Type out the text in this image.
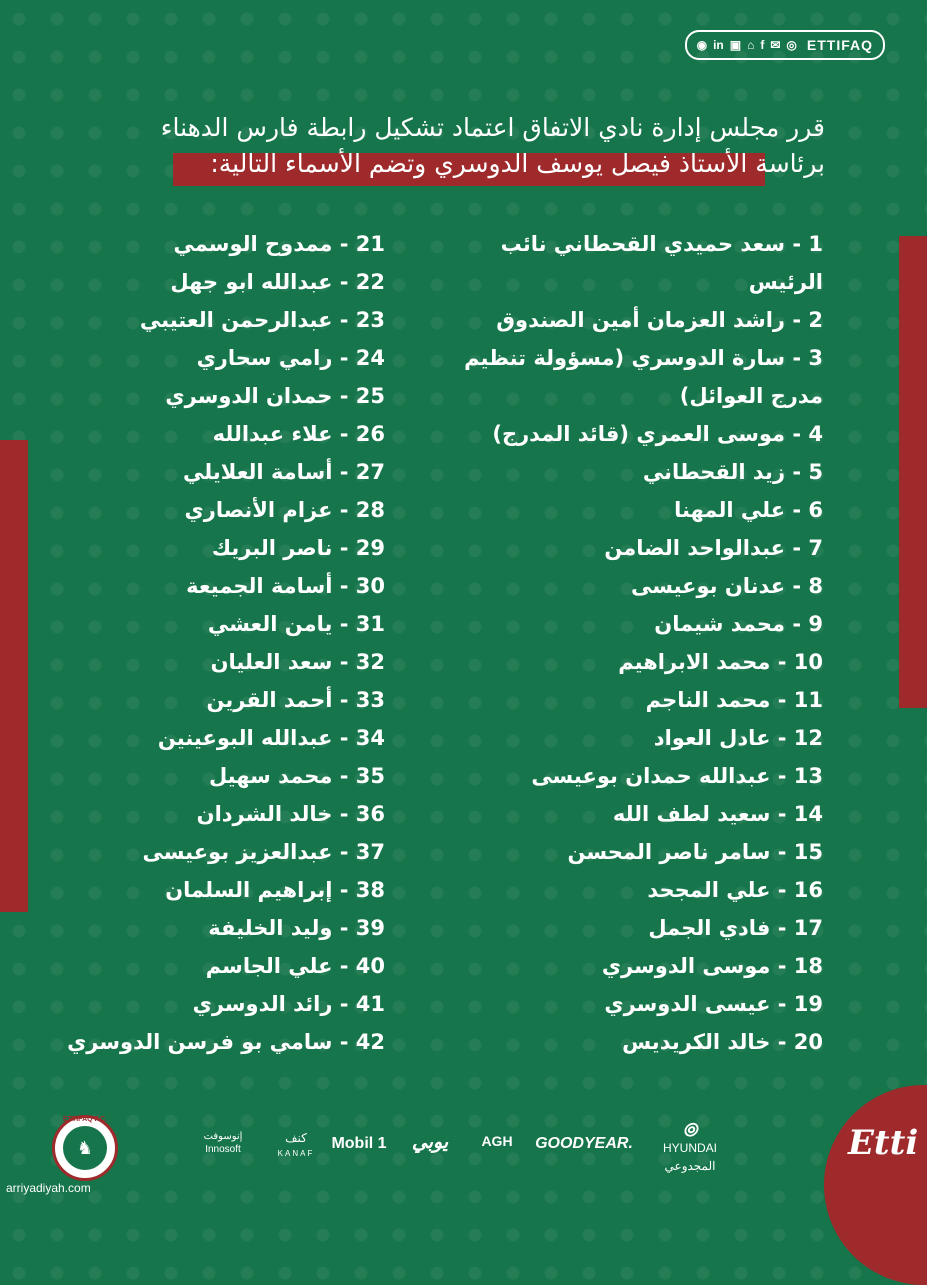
◉ in ▣ ⌂ f ✉ ◎ ETTIFAQ
قرر مجلس إدارة نادي الاتفاق اعتماد تشكيل رابطة فارس الدهناء
برئاسة الأستاذ فيصل يوسف الدوسري وتضم الأسماء التالية:
1 - سعد حميدي القحطاني نائب
الرئيس
2 - راشد العزمان أمين الصندوق
3 - سارة الدوسري (مسؤولة تنظيم
مدرج العوائل)
4 - موسى العمري (قائد المدرج)
5 - زيد القحطاني
6 - علي المهنا
7 - عبدالواحد الضامن
8 - عدنان بوعيسى
9 - محمد شيمان
10 - محمد الابراهيم
11 - محمد الناجم
12 - عادل العواد
13 - عبدالله حمدان بوعيسى
14 - سعيد لطف الله
15 - سامر ناصر المحسن
16 - علي المجحد
17 - فادي الجمل
18 - موسى الدوسري
19 - عيسى الدوسري
20 - خالد الكريديس
21 - ممدوح الوسمي
22 - عبدالله ابو جهل
23 - عبدالرحمن العتيبي
24 - رامي سحاري
25 - حمدان الدوسري
26 - علاء عبدالله
27 - أسامة العلايلي
28 - عزام الأنصاري
29 - ناصر البريك
30 - أسامة الجميعة
31 - يامن العشي
32 - سعد العليان
33 - أحمد القرين
34 - عبدالله البوعينين
35 - محمد سهيل
36 - خالد الشردان
37 - عبدالعزيز بوعيسى
38 - إبراهيم السلمان
39 - وليد الخليفة
40 - علي الجاسم
41 - رائد الدوسري
42 - سامي بو فرسن الدوسري
ETTIFAQ F.C.
♞
إنوسوفت
Innosoft
كنف
KANAF
Mobil 1	يوبي	AGH	GOODYEAR.
⦾
HYUNDAI
المجدوعي
Etti
arriyadiyah.com
